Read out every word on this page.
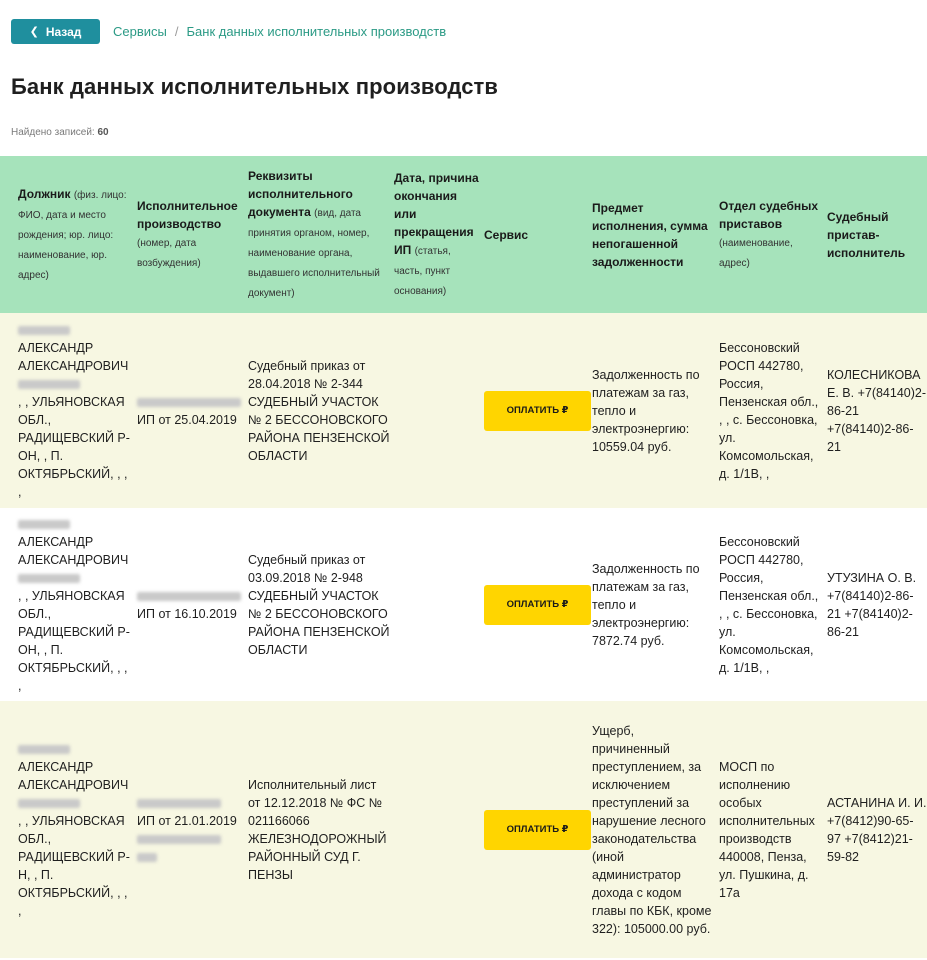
❮ Назад Сервисы / Банк данных исполнительных производств
Банк данных исполнительных производств
Найдено записей: 60
Должник (физ. лицо: ФИО, дата и место рождения; юр. лицо: наименование, юр. адрес)	Исполнительное производство (номер, дата возбуждения)	Реквизиты исполнительного документа (вид, дата принятия органом, номер, наименование органа, выдавшего исполнительный документ)	Дата, причина окончания или прекращения ИП (статья, часть, пункт основания)	Сервис	Предмет исполнения, сумма непогашенной задолженности	Отдел судебных приставов (наименование, адрес)	Судебный пристав-исполнитель

АЛЕКСАНДР АЛЕКСАНДРОВИЧ

, , УЛЬЯНОВСКАЯ ОБЛ., РАДИЩЕВСКИЙ Р-ОН, , П. ОКТЯБРЬСКИЙ, , , ,	ИП от 25.04.2019	Судебный приказ от 28.04.2018 № 2-344 СУДЕБНЫЙ УЧАСТОК № 2 БЕССОНОВСКОГО РАЙОНА ПЕНЗЕНСКОЙ ОБЛАСТИ		ОПЛАТИТЬ ₽	Задолженность по платежам за газ, тепло и электроэнергию: 10559.04 руб.	Бессоновский РОСП 442780, Россия, Пензенская обл., , , с. Бессоновка, ул. Комсомольская, д. 1/1В, ,	КОЛЕСНИКОВА Е. В. +7(84140)2-86-21 +7(84140)2-86-21

АЛЕКСАНДР АЛЕКСАНДРОВИЧ

, , УЛЬЯНОВСКАЯ ОБЛ., РАДИЩЕВСКИЙ Р-ОН, , П. ОКТЯБРЬСКИЙ, , , ,	ИП от 16.10.2019	Судебный приказ от 03.09.2018 № 2-948 СУДЕБНЫЙ УЧАСТОК № 2 БЕССОНОВСКОГО РАЙОНА ПЕНЗЕНСКОЙ ОБЛАСТИ		ОПЛАТИТЬ ₽	Задолженность по платежам за газ, тепло и электроэнергию: 7872.74 руб.	Бессоновский РОСП 442780, Россия, Пензенская обл., , , с. Бессоновка, ул. Комсомольская, д. 1/1В, ,	УТУЗИНА О. В. +7(84140)2-86-21 +7(84140)2-86-21

АЛЕКСАНДР АЛЕКСАНДРОВИЧ

, , УЛЬЯНОВСКАЯ ОБЛ., РАДИЩЕВСКИЙ Р-Н, , П. ОКТЯБРЬСКИЙ, , , ,	ИП от 21.01.2019	Исполнительный лист от 12.12.2018 № ФС № 021166066 ЖЕЛЕЗНОДОРОЖНЫЙ РАЙОННЫЙ СУД Г. ПЕНЗЫ		ОПЛАТИТЬ ₽	Ущерб, причиненный преступлением, за исключением преступлений за нарушение лесного законодательства (иной администратор дохода с кодом главы по КБК, кроме 322): 105000.00 руб.	МОСП по исполнению особых исполнительных производств 440008, Пенза, ул. Пушкина, д. 17а	АСТАНИНА И. И. +7(8412)90-65-97 +7(8412)21-59-82
